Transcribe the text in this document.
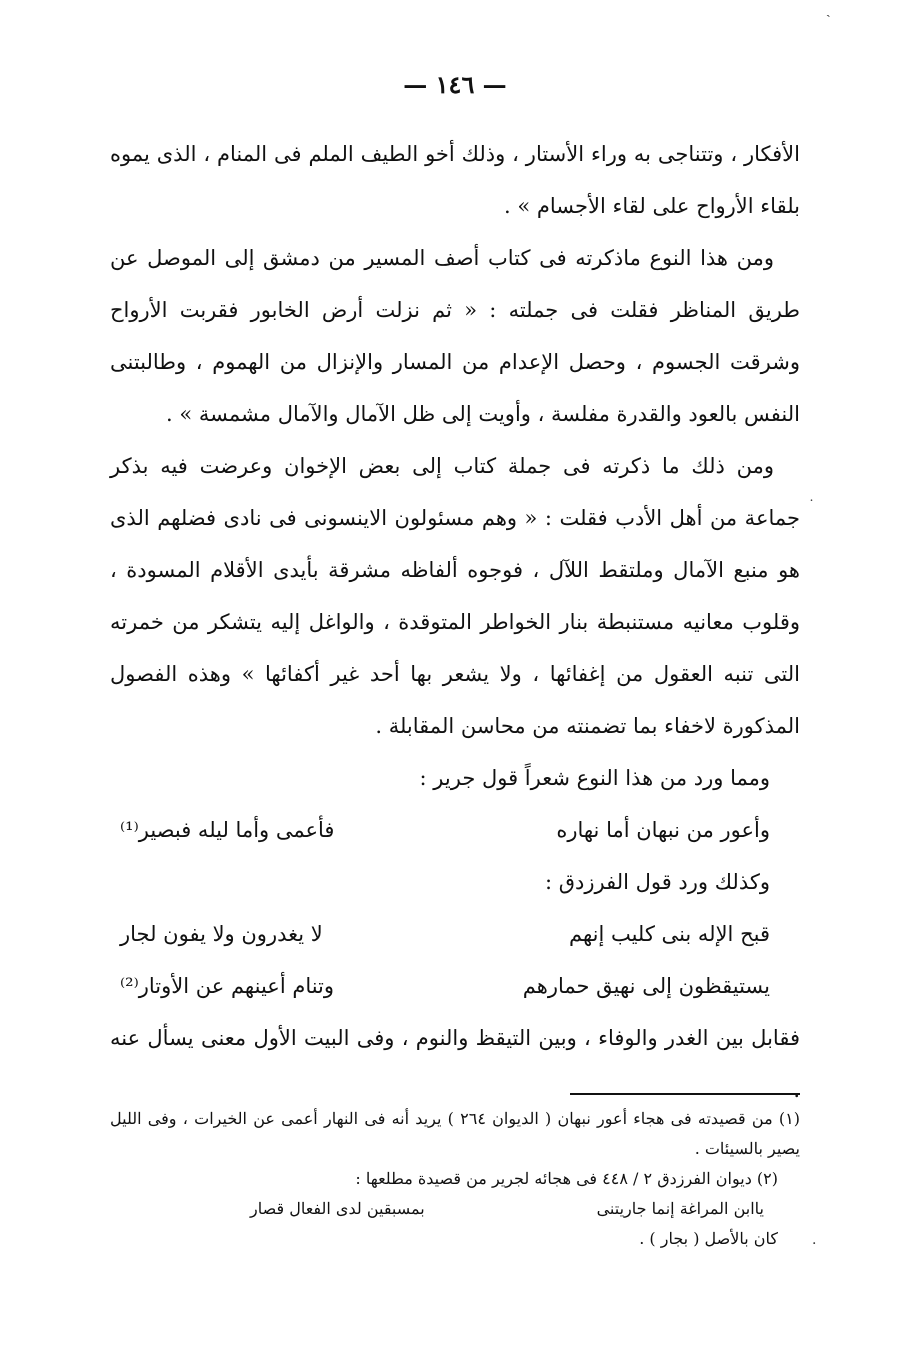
— ١٤٦ —

الأفكار ، وتتناجى به وراء الأستار ، وذلك أخو الطيف الملم فى المنام ، الذى يموه بلقاء الأرواح على لقاء الأجسام » .

ومن هذا النوع ماذكرته فى كتاب أصف المسير من دمشق إلى الموصل عن طريق المناظر فقلت فى جملته : « ثم نزلت أرض الخابور فقربت الأرواح وشرقت الجسوم ، وحصل الإعدام من المسار والإنزال من الهموم ، وطالبتنى النفس بالعود والقدرة مفلسة ، وأويت إلى ظل الآمال والآمال مشمسة » .

ومن ذلك ما ذكرته فى جملة كتاب إلى بعض الإخوان وعرضت فيه بذكر جماعة من أهل الأدب فقلت : « وهم مسئولون الاينسونى فى نادى فضلهم الذى هو منبع الآمال وملتقط اللآل ، فوجوه ألفاظه مشرقة بأيدى الأقلام المسودة ، وقلوب معانيه مستنبطة بنار الخواطر المتوقدة ، والواغل إليه يتشكر من خمرته التى تنبه العقول من إغفائها ، ولا يشعر بها أحد غير أكفائها » وهذه الفصول المذكورة لاخفاء بما تضمنته من محاسن المقابلة .

ومما ورد من هذا النوع شعراً قول جرير :

وأعور من نبهان أما نهاره
فأعمى وأما ليله فبصير⁽¹⁾

وكذلك ورد قول الفرزدق :

قبح الإله بنى كليب إنهم
لا يغدرون ولا يفون لجار
يستيقظون إلى نهيق حمارهم
وتنام أعينهم عن الأوتار⁽²⁾

فقابل بين الغدر والوفاء ، وبين التيقظ والنوم ، وفى البيت الأول معنى يسأل عنه .

(١) من قصيدته فى هجاء أعور نبهان ( الديوان ٢٦٤ ) يريد أنه فى النهار أعمى عن الخيرات ، وفى الليل يصير بالسيئات .

(٢) ديوان الفرزدق ٢ / ٤٤٨ فى هجائه لجرير من قصيدة مطلعها :

ياابن المراغة إنما جاريتنى
بمسبقين لدى الفعال قصار

كان بالأصل ( بجار ) .

ˏ
˙
·
